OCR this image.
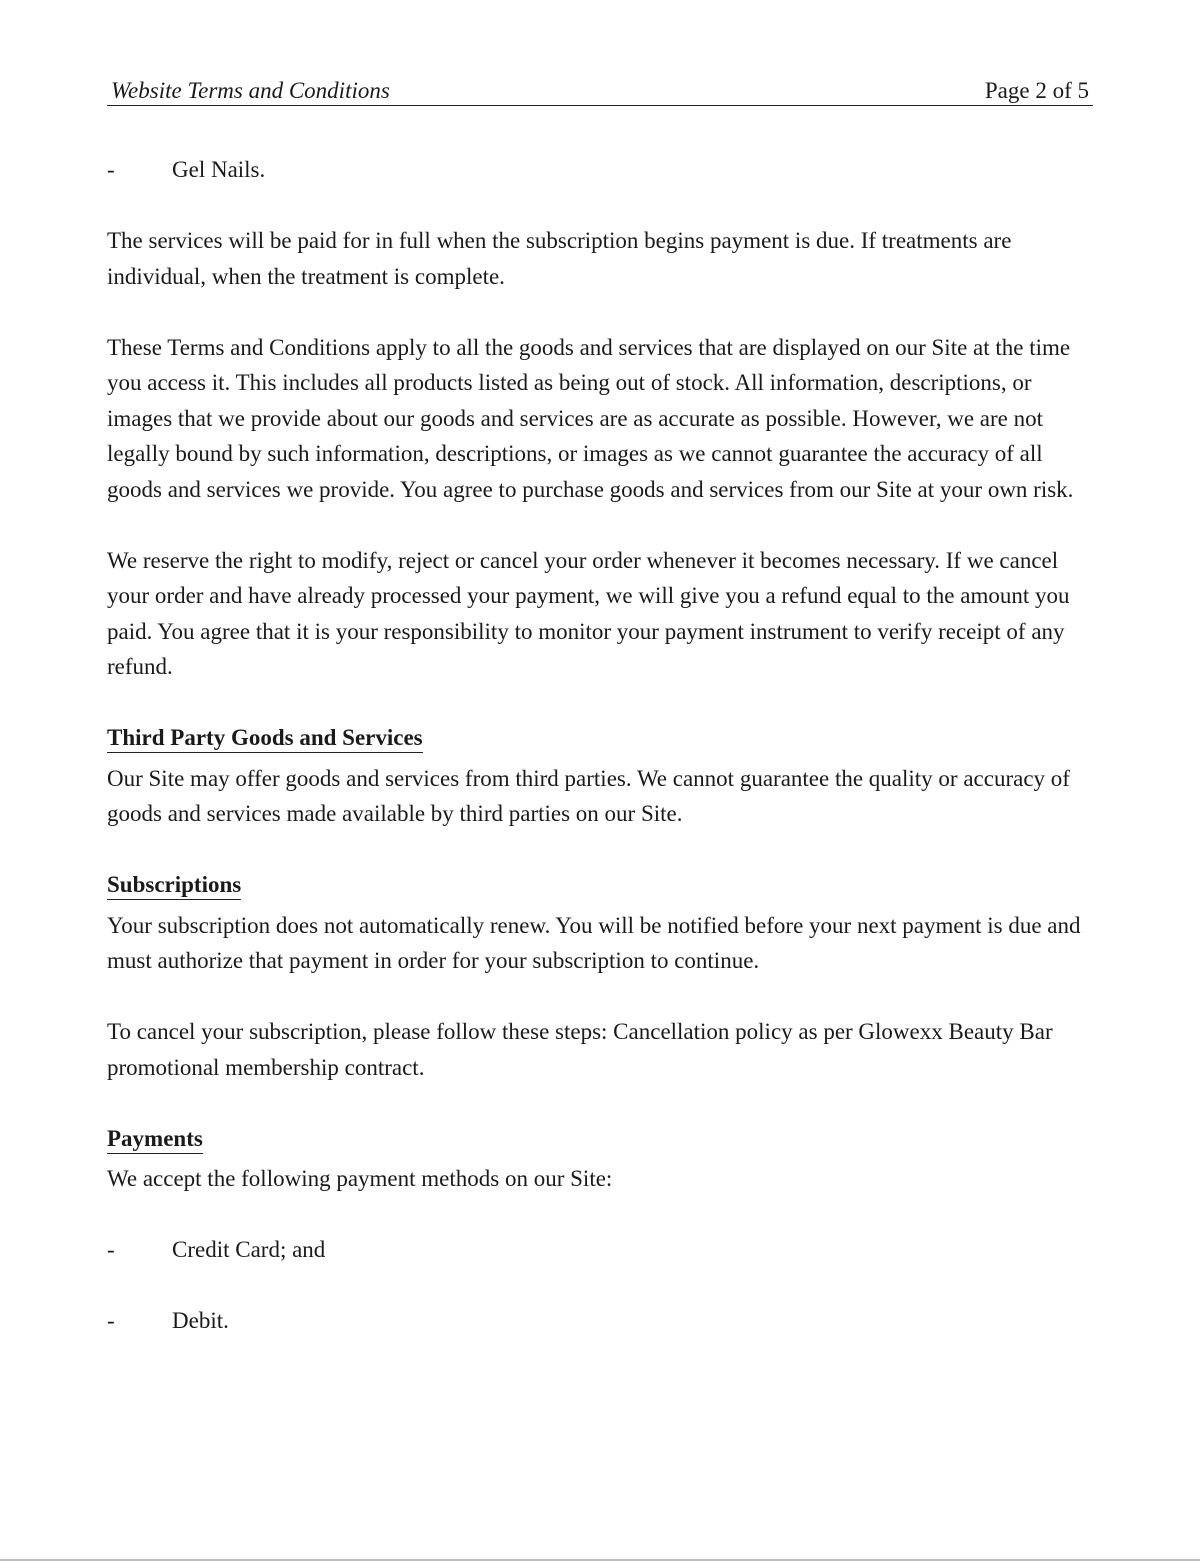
Website Terms and Conditions	Page 2 of 5
- Gel Nails.

The services will be paid for in full when the subscription begins payment is due. If treatments are individual, when the treatment is complete.

These Terms and Conditions apply to all the goods and services that are displayed on our Site at the time you access it. This includes all products listed as being out of stock. All information, descriptions, or images that we provide about our goods and services are as accurate as possible. However, we are not legally bound by such information, descriptions, or images as we cannot guarantee the accuracy of all goods and services we provide. You agree to purchase goods and services from our Site at your own risk.

We reserve the right to modify, reject or cancel your order whenever it becomes necessary. If we cancel your order and have already processed your payment, we will give you a refund equal to the amount you paid. You agree that it is your responsibility to monitor your payment instrument to verify receipt of any refund.

Third Party Goods and Services

Our Site may offer goods and services from third parties. We cannot guarantee the quality or accuracy of goods and services made available by third parties on our Site.

Subscriptions

Your subscription does not automatically renew. You will be notified before your next payment is due and must authorize that payment in order for your subscription to continue.

To cancel your subscription, please follow these steps: Cancellation policy as per Glowexx Beauty Bar promotional membership contract.

Payments

We accept the following payment methods on our Site:

- Credit Card; and
- Debit.
